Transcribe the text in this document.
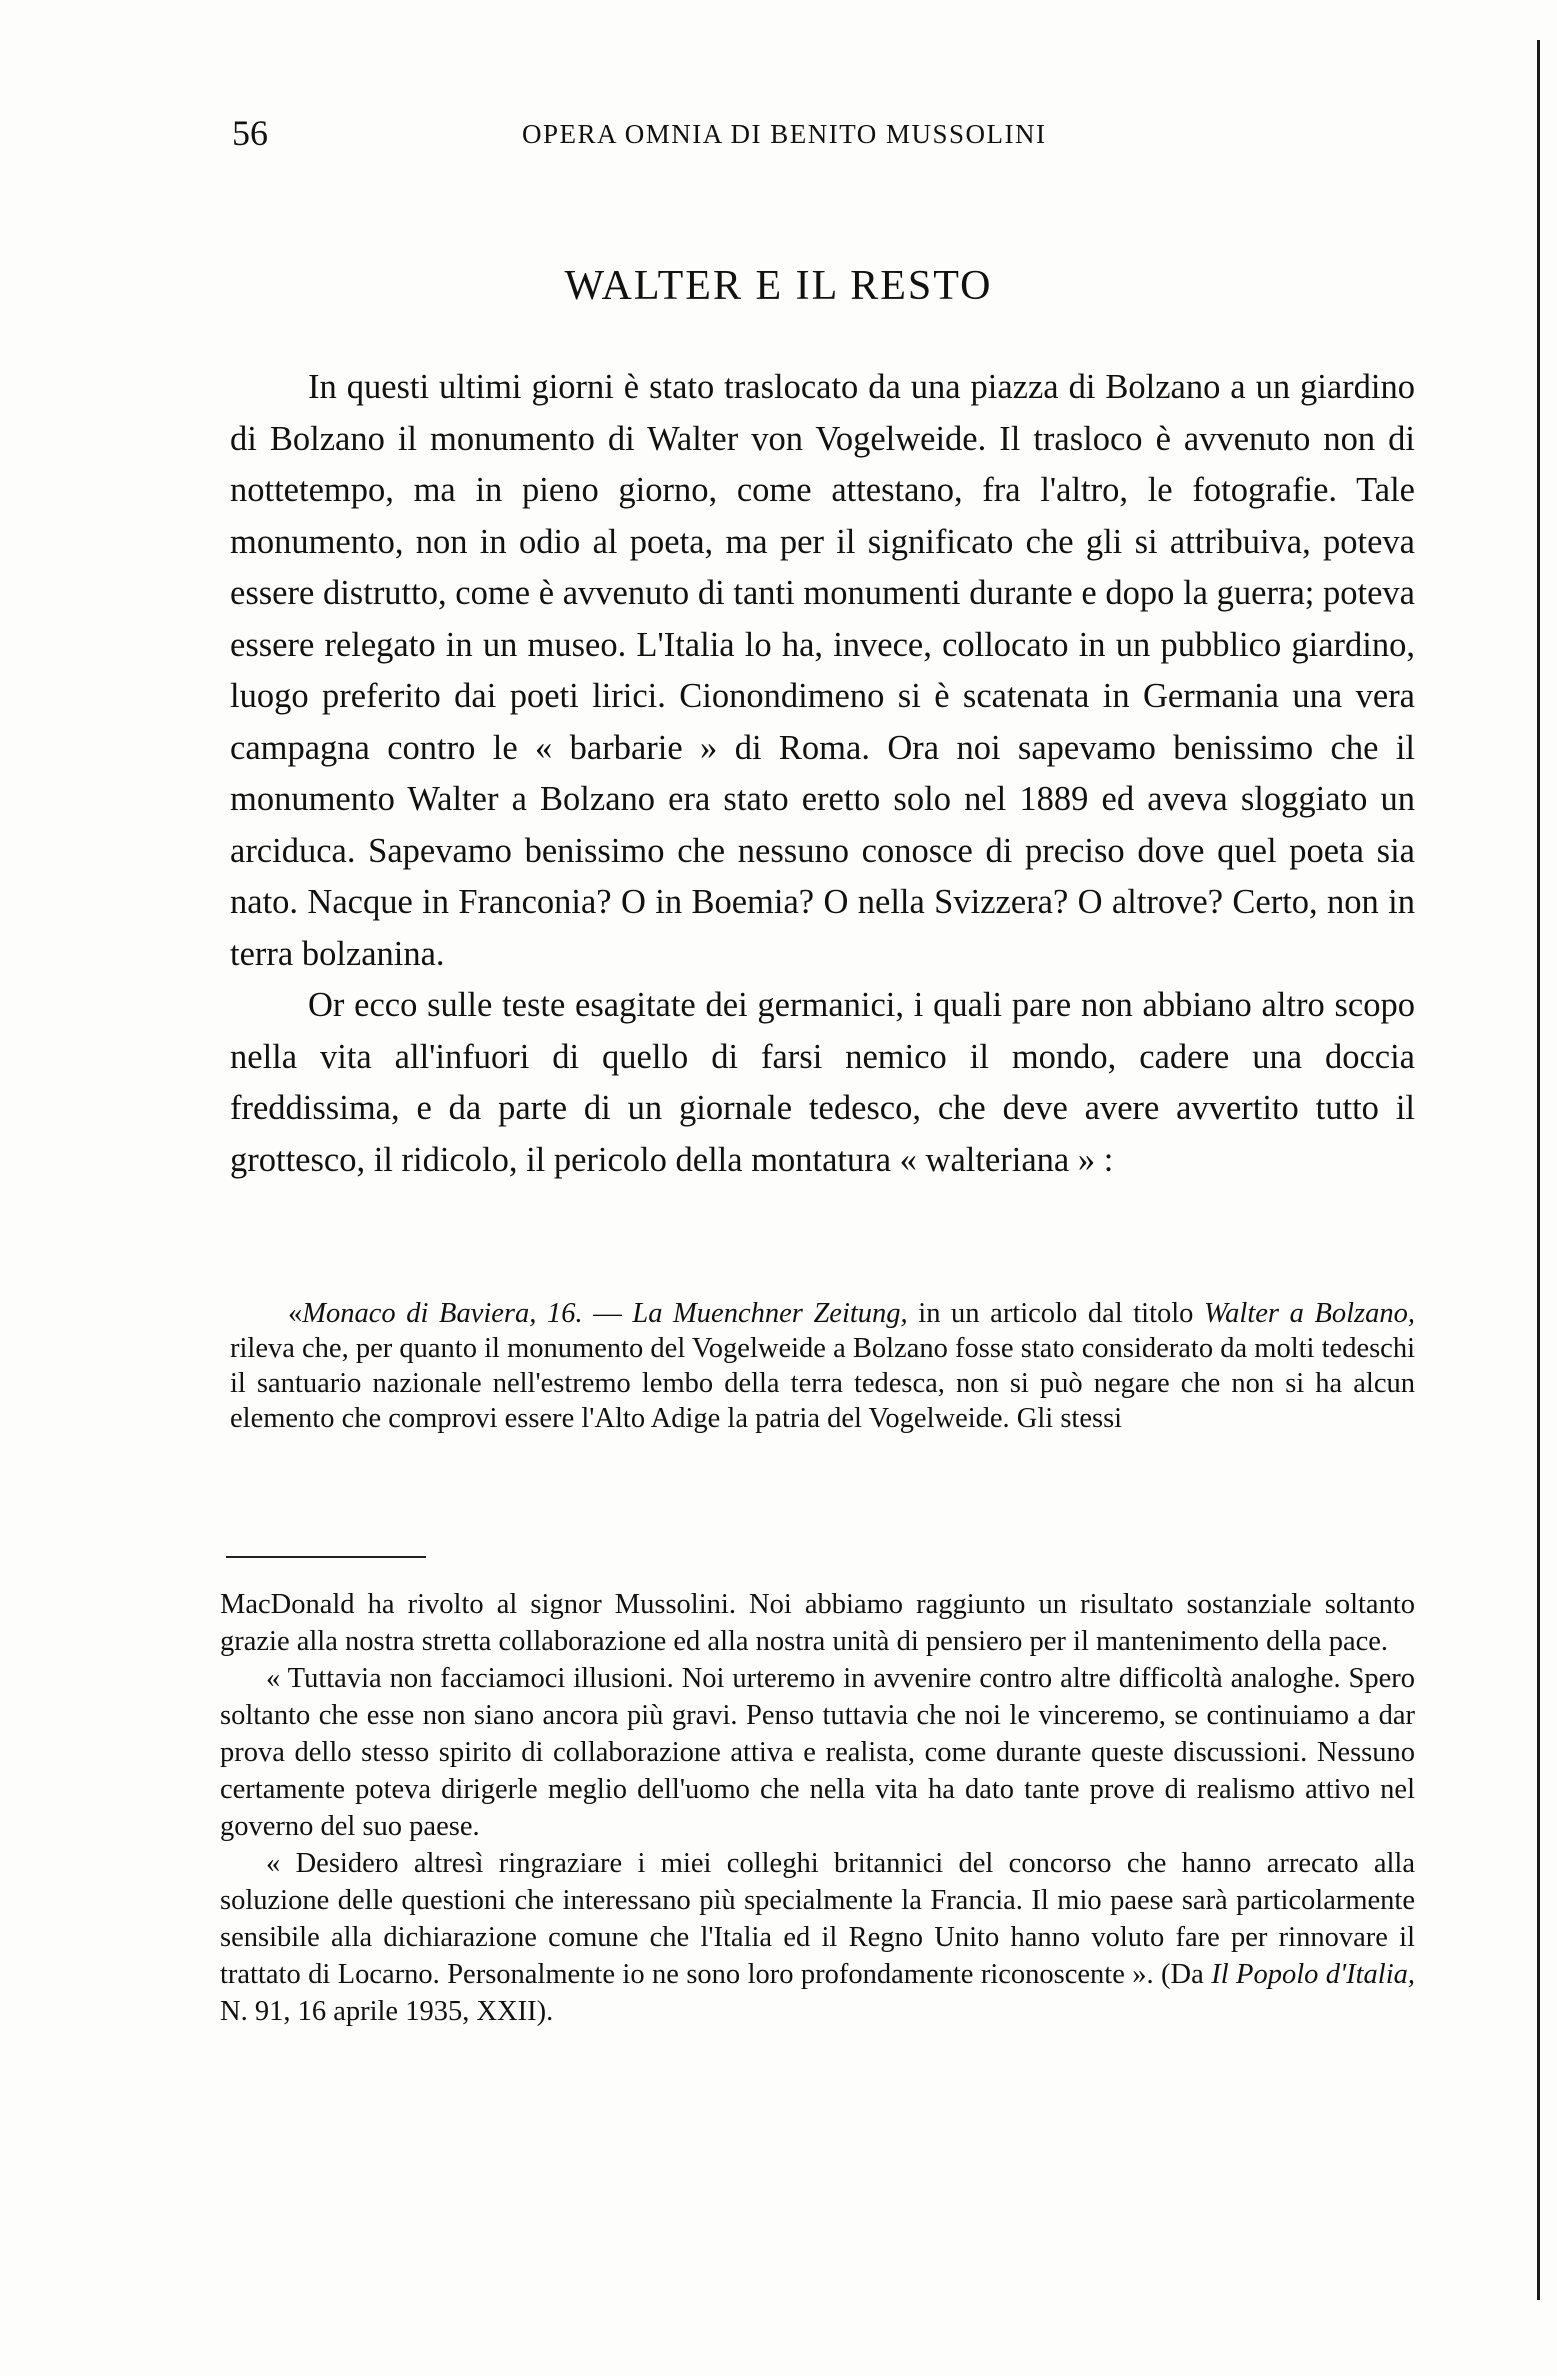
56	OPERA OMNIA DI BENITO MUSSOLINI
WALTER E IL RESTO

In questi ultimi giorni è stato traslocato da una piazza di Bolzano a un giardino di Bolzano il monumento di Walter von Vogelweide. Il trasloco è avvenuto non di nottetempo, ma in pieno giorno, come attestano, fra l'altro, le fotografie. Tale monumento, non in odio al poeta, ma per il significato che gli si attribuiva, poteva essere distrutto, come è avvenuto di tanti monumenti durante e dopo la guerra; poteva essere relegato in un museo. L'Italia lo ha, invece, collocato in un pubblico giardino, luogo preferito dai poeti lirici. Cionondimeno si è scatenata in Germania una vera campagna contro le « barbarie » di Roma. Ora noi sapevamo benissimo che il monumento Walter a Bolzano era stato eretto solo nel 1889 ed aveva sloggiato un arciduca. Sapevamo benissimo che nessuno conosce di preciso dove quel poeta sia nato. Nacque in Franconia? O in Boemia? O nella Svizzera? O altrove? Certo, non in terra bolzanina.

Or ecco sulle teste esagitate dei germanici, i quali pare non abbiano altro scopo nella vita all'infuori di quello di farsi nemico il mondo, cadere una doccia freddissima, e da parte di un giornale tedesco, che deve avere avvertito tutto il grottesco, il ridicolo, il pericolo della montatura « walteriana » :

«Monaco di Baviera, 16. — La Muenchner Zeitung, in un articolo dal titolo Walter a Bolzano, rileva che, per quanto il monumento del Vogelweide a Bolzano fosse stato considerato da molti tedeschi il santuario nazionale nell'estremo lembo della terra tedesca, non si può negare che non si ha alcun elemento che comprovi essere l'Alto Adige la patria del Vogelweide. Gli stessi

MacDonald ha rivolto al signor Mussolini. Noi abbiamo raggiunto un risultato sostanziale soltanto grazie alla nostra stretta collaborazione ed alla nostra unità di pensiero per il mantenimento della pace.

« Tuttavia non facciamoci illusioni. Noi urteremo in avvenire contro altre difficoltà analoghe. Spero soltanto che esse non siano ancora più gravi. Penso tuttavia che noi le vinceremo, se continuiamo a dar prova dello stesso spirito di collaborazione attiva e realista, come durante queste discussioni. Nessuno certamente poteva dirigerle meglio dell'uomo che nella vita ha dato tante prove di realismo attivo nel governo del suo paese.

« Desidero altresì ringraziare i miei colleghi britannici del concorso che hanno arrecato alla soluzione delle questioni che interessano più specialmente la Francia. Il mio paese sarà particolarmente sensibile alla dichiarazione comune che l'Italia ed il Regno Unito hanno voluto fare per rinnovare il trattato di Locarno. Personalmente io ne sono loro profondamente riconoscente ». (Da Il Popolo d'Italia, N. 91, 16 aprile 1935, XXII).
